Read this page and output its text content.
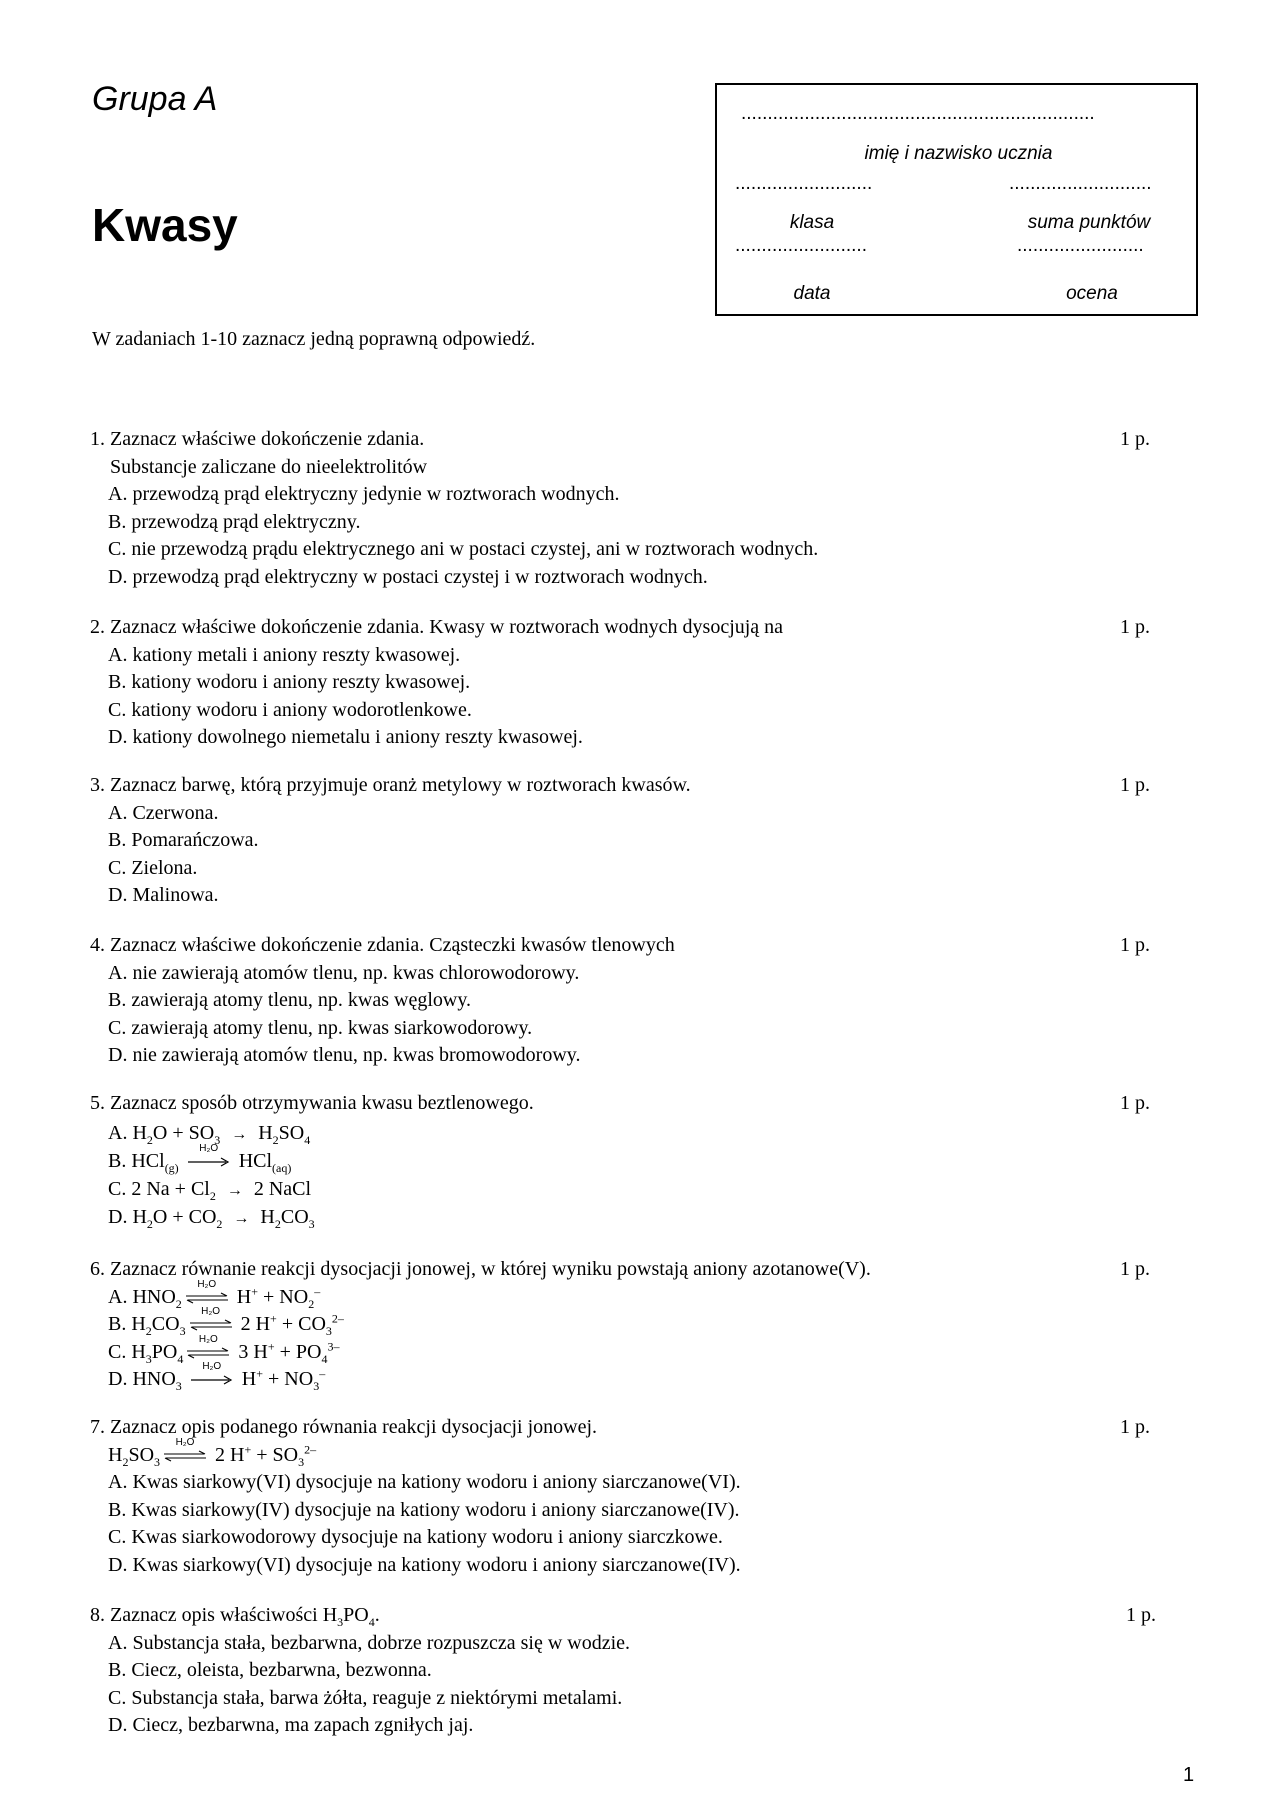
Grupa A
Kwasy
...................................................................
imię i nazwisko ucznia
..........................
klasa
...........................
suma punktów
.........................
data
........................
ocena
W zadaniach 1-10 zaznacz jedną poprawną odpowiedź.
1. Zaznacz właściwe dokończenie zdania.	1 p.
Substancje zaliczane do nieelektrolitów
A. przewodzą prąd elektryczny jedynie w roztworach wodnych.
B. przewodzą prąd elektryczny.
C. nie przewodzą prądu elektrycznego ani w postaci czystej, ani w roztworach wodnych.
D. przewodzą prąd elektryczny w postaci czystej i w roztworach wodnych.
2. Zaznacz właściwe dokończenie zdania. Kwasy w roztworach wodnych dysocjują na	1 p.
A. kationy metali i aniony reszty kwasowej.
B. kationy wodoru i aniony reszty kwasowej.
C. kationy wodoru i aniony wodorotlenkowe.
D. kationy dowolnego niemetalu i aniony reszty kwasowej.
3. Zaznacz barwę, którą przyjmuje oranż metylowy w roztworach kwasów.	1 p.
A. Czerwona.
B. Pomarańczowa.
C. Zielona.
D. Malinowa.
4. Zaznacz właściwe dokończenie zdania. Cząsteczki kwasów tlenowych	1 p.
A. nie zawierają atomów tlenu, np. kwas chlorowodorowy.
B. zawierają atomy tlenu, np. kwas węglowy.
C. zawierają atomy tlenu, np. kwas siarkowodorowy.
D. nie zawierają atomów tlenu, np. kwas bromowodorowy.
5. Zaznacz sposób otrzymywania kwasu beztlenowego.	1 p.
A. $H_2O + SO_3 \to H_2SO_4$
B. HCl$_{(g)}$
H₂O
HCl$_{(aq)}$
C. 2 $Na + Cl_2 \to 2$ NaCl
D. $H_2O + CO_2 \to H_2CO_3$
6. Zaznacz równanie reakcji dysocjacji jonowej, w której wyniku powstają aniony azotanowe(V).	1 p.
A. $HNO_2$
H₂O
$H^+ + NO_2^-$
B. $H_2CO_3$
H₂O
2 $H^+ + CO_3^{2-}$
C. $H_3PO_4$
H₂O
3 $H^+ + PO_4^{3-}$
D. $HNO_3$
H₂O
$H^+ + NO_3^-$
7. Zaznacz opis podanego równania reakcji dysocjacji jonowej.	1 p.
$H_2SO_3$
H₂O
2 $H^+ + SO_3^{2-}$
A. Kwas siarkowy(VI) dysocjuje na kationy wodoru i aniony siarczanowe(VI).
B. Kwas siarkowy(IV) dysocjuje na kationy wodoru i aniony siarczanowe(IV).
C. Kwas siarkowodorowy dysocjuje na kationy wodoru i aniony siarczkowe.
D. Kwas siarkowy(VI) dysocjuje na kationy wodoru i aniony siarczanowe(IV).
8. Zaznacz opis właściwości $H_3PO_4$.	1 p.
A. Substancja stała, bezbarwna, dobrze rozpuszcza się w wodzie.
B. Ciecz, oleista, bezbarwna, bezwonna.
C. Substancja stała, barwa żółta, reaguje z niektórymi metalami.
D. Ciecz, bezbarwna, ma zapach zgniłych jaj.
1
